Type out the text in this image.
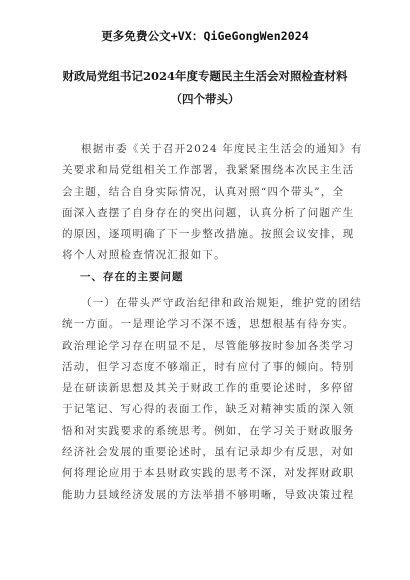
更多免费公文+VX：QiGeGongWen2024
财政局党组书记2024年度专题民主生活会对照检查材料
（四个带头）
根据市委《关于召开2024 年度民主生活会的通知》有
关要求和局党组相关工作部署，我紧紧围绕本次民主生活
会主题，结合自身实际情况，认真对照“四个带头”，全
面深入查摆了自身存在的突出问题，认真分析了问题产生
的原因，逐项明确了下一步整改措施。按照会议安排，现
将个人对照检查情况汇报如下。
一、存在的主要问题
（一）在带头严守政治纪律和政治规矩，维护党的团结
统一方面。一是理论学习不深不透，思想根基有待夯实。
政治理论学习存在明显不足，尽管能够按时参加各类学习
活动，但学习态度不够端正，时有应付了事的倾向。特别
是在研读新思想及其关于财政工作的重要论述时，多停留
于记笔记、写心得的表面工作，缺乏对精神实质的深入领
悟和对实践要求的系统思考。例如，在学习关于财政服务
经济社会发展的重要论述时，虽有记录却少有反思，对如
何将理论应用于本县财政实践的思考不深，对发挥财政职
能助力县域经济发展的方法举措不够明晰，导致决策过程
